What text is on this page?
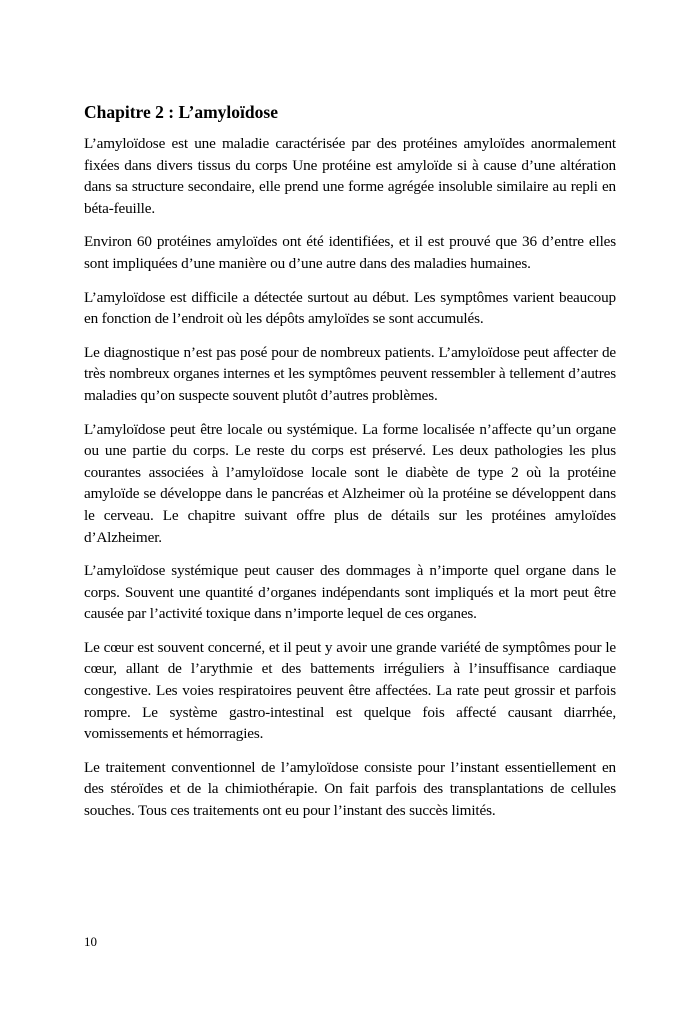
Chapitre 2 : L’amyloïdose

L’amyloïdose est une maladie caractérisée par des protéines amyloïdes anormalement fixées dans divers tissus du corps Une protéine est amyloïde si à cause d’une altération dans sa structure secondaire, elle prend une forme agrégée insoluble similaire au repli en béta-feuille.

Environ 60 protéines amyloïdes ont été identifiées, et il est prouvé que 36 d’entre elles sont impliquées d’une manière ou d’une autre dans des maladies humaines.

L’amyloïdose est difficile a détectée surtout au début. Les symptômes varient beaucoup en fonction de l’endroit où les dépôts amyloïdes se sont accumulés.

Le diagnostique n’est pas posé pour de nombreux patients. L’amyloïdose peut affecter de très nombreux organes internes et les symptômes peuvent ressembler à tellement d’autres maladies qu’on suspecte souvent plutôt d’autres problèmes.

L’amyloïdose peut être locale ou systémique. La forme localisée n’affecte qu’un organe ou une partie du corps. Le reste du corps est préservé. Les deux pathologies les plus courantes associées à l’amyloïdose locale sont le diabète de type 2 où la protéine amyloïde se développe dans le pancréas et Alzheimer où la protéine se développent dans le cerveau. Le chapitre suivant offre plus de détails sur les protéines amyloïdes d’Alzheimer.

L’amyloïdose systémique peut causer des dommages à n’importe quel organe dans le corps. Souvent une quantité d’organes indépendants sont impliqués et la mort peut être causée par l’activité toxique dans n’importe lequel de ces organes.

Le cœur est souvent concerné, et il peut y avoir une grande variété de symptômes pour le cœur, allant de l’arythmie et des battements irréguliers à l’insuffisance cardiaque congestive. Les voies respiratoires peuvent être affectées. La rate peut grossir et parfois rompre. Le système gastro-intestinal est quelque fois affecté causant diarrhée, vomissements et hémorragies.

Le traitement conventionnel de l’amyloïdose consiste pour l’instant essentiellement en des stéroïdes et de la chimiothérapie. On fait parfois des transplantations de cellules souches. Tous ces traitements ont eu pour l’instant des succès limités.

10
